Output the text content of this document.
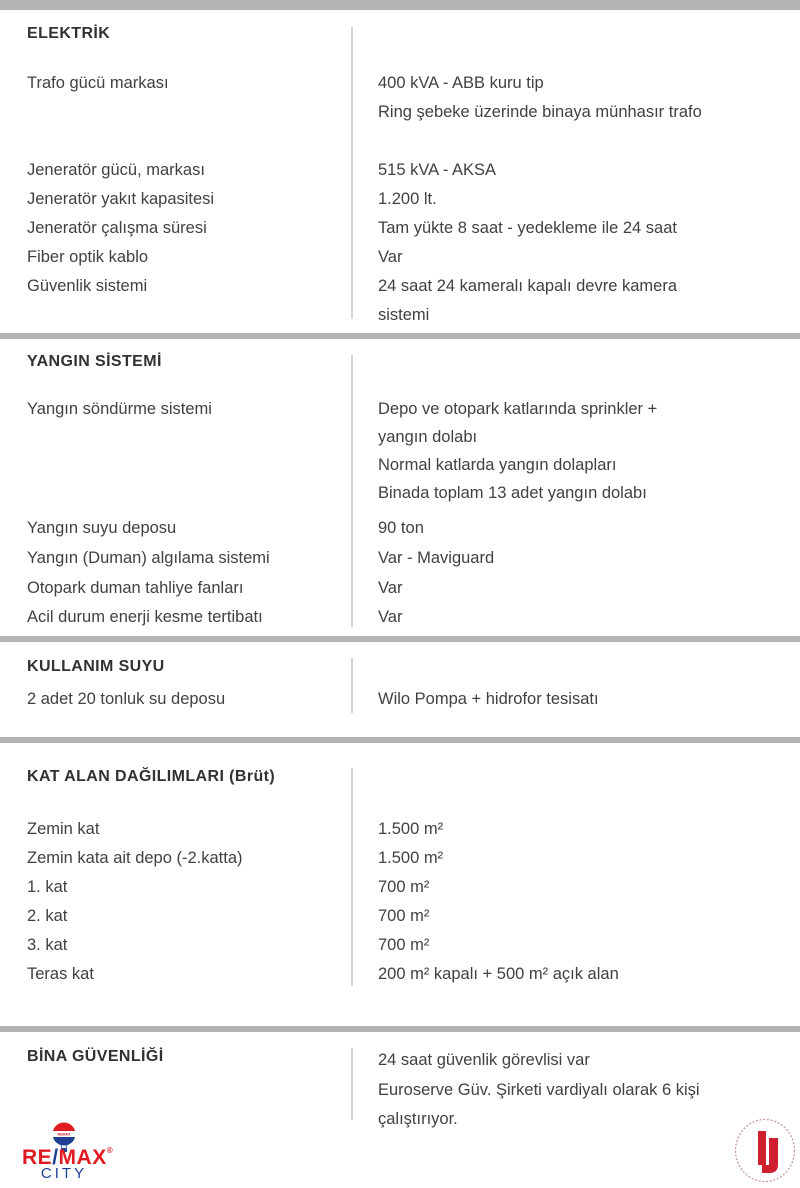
ELEKTRİK
Trafo gücü markası	400 kVA - ABB kuru tip
Ring şebeke üzerinde binaya münhasır trafo
Jeneratör gücü, markası	515 kVA - AKSA
Jeneratör yakıt kapasitesi	1.200 lt.
Jeneratör çalışma süresi	Tam yükte 8 saat - yedekleme ile 24 saat
Fiber optik kablo	Var
Güvenlik sistemi	24 saat 24 kameralı kapalı devre kamera
sistemi
YANGIN SİSTEMİ
Yangın söndürme sistemi	Depo ve otopark katlarında sprinkler +
yangın dolabı
Normal katlarda yangın dolapları
Binada toplam 13 adet yangın dolabı
Yangın suyu deposu	90 ton
Yangın (Duman) algılama sistemi	Var - Maviguard
Otopark duman tahliye fanları	Var
Acil durum enerji kesme tertibatı	Var
KULLANIM SUYU
2 adet 20 tonluk su deposu	Wilo Pompa + hidrofor tesisatı
KAT ALAN DAĞILIMLARI (Brüt)
Zemin kat	1.500 m²
Zemin kata ait depo (-2.katta)	1.500 m²
1. kat	700 m²
2. kat	700 m²
3. kat	700 m²
Teras kat	200 m² kapalı + 500 m² açık alan
BİNA GÜVENLİĞİ	24 saat güvenlik görevlisi var
Euroserve Güv. Şirketi vardiyalı olarak 6 kişi
çalıştırıyor.
REMAX
RE/MAX®
CITY
